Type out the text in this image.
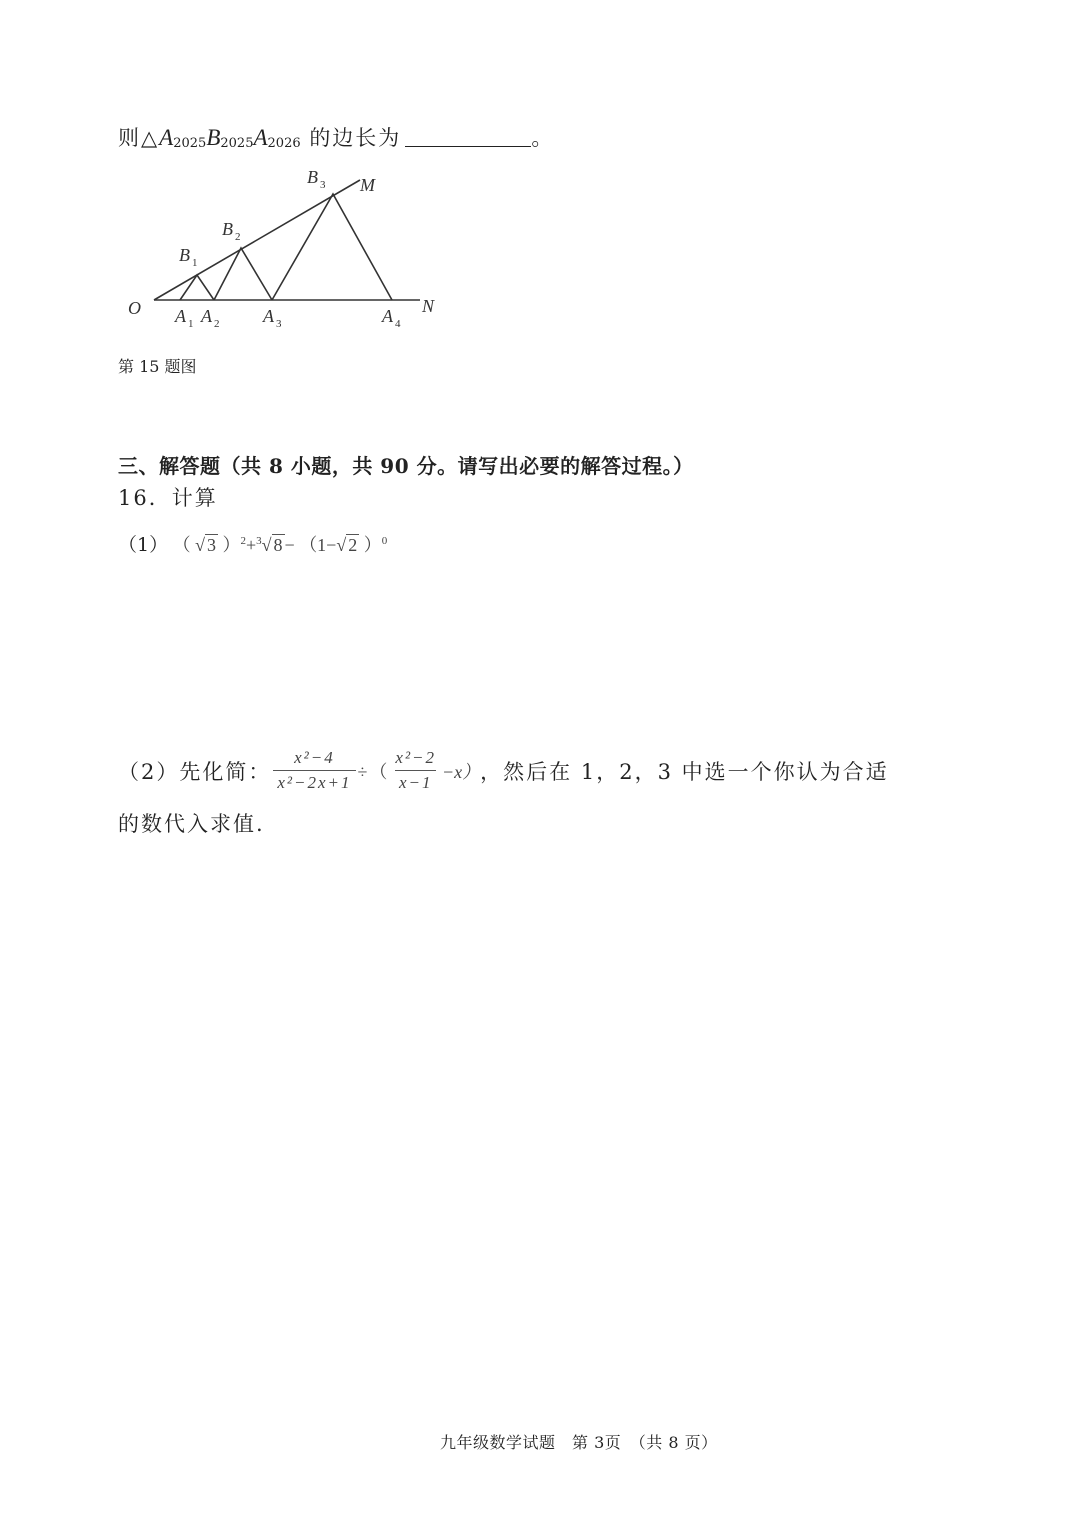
则△A2025B2025A2026 的边长为	。
O	N
M
A 1 A 2 A 3	A 4
B 1
B 2
B 3
第 15 题图
三、解答题（共 8 小题，共 90 分。请写出必要的解答过程。）
16．计算
（1） （ √ 3 ）$^2$+$^3$√ 8 − （1−√ 2 ）$^0$
（2）先化简： $\frac{\text{x²−4}}{\text{x²−2x+1}}$ ÷（ $\frac{\text{x²−2}}{x-1} -x$） ，然后在 1，2，3 中选一个你认为合适
的数代入求值.
九年级数学试题　第 3页　（共 8 页）
